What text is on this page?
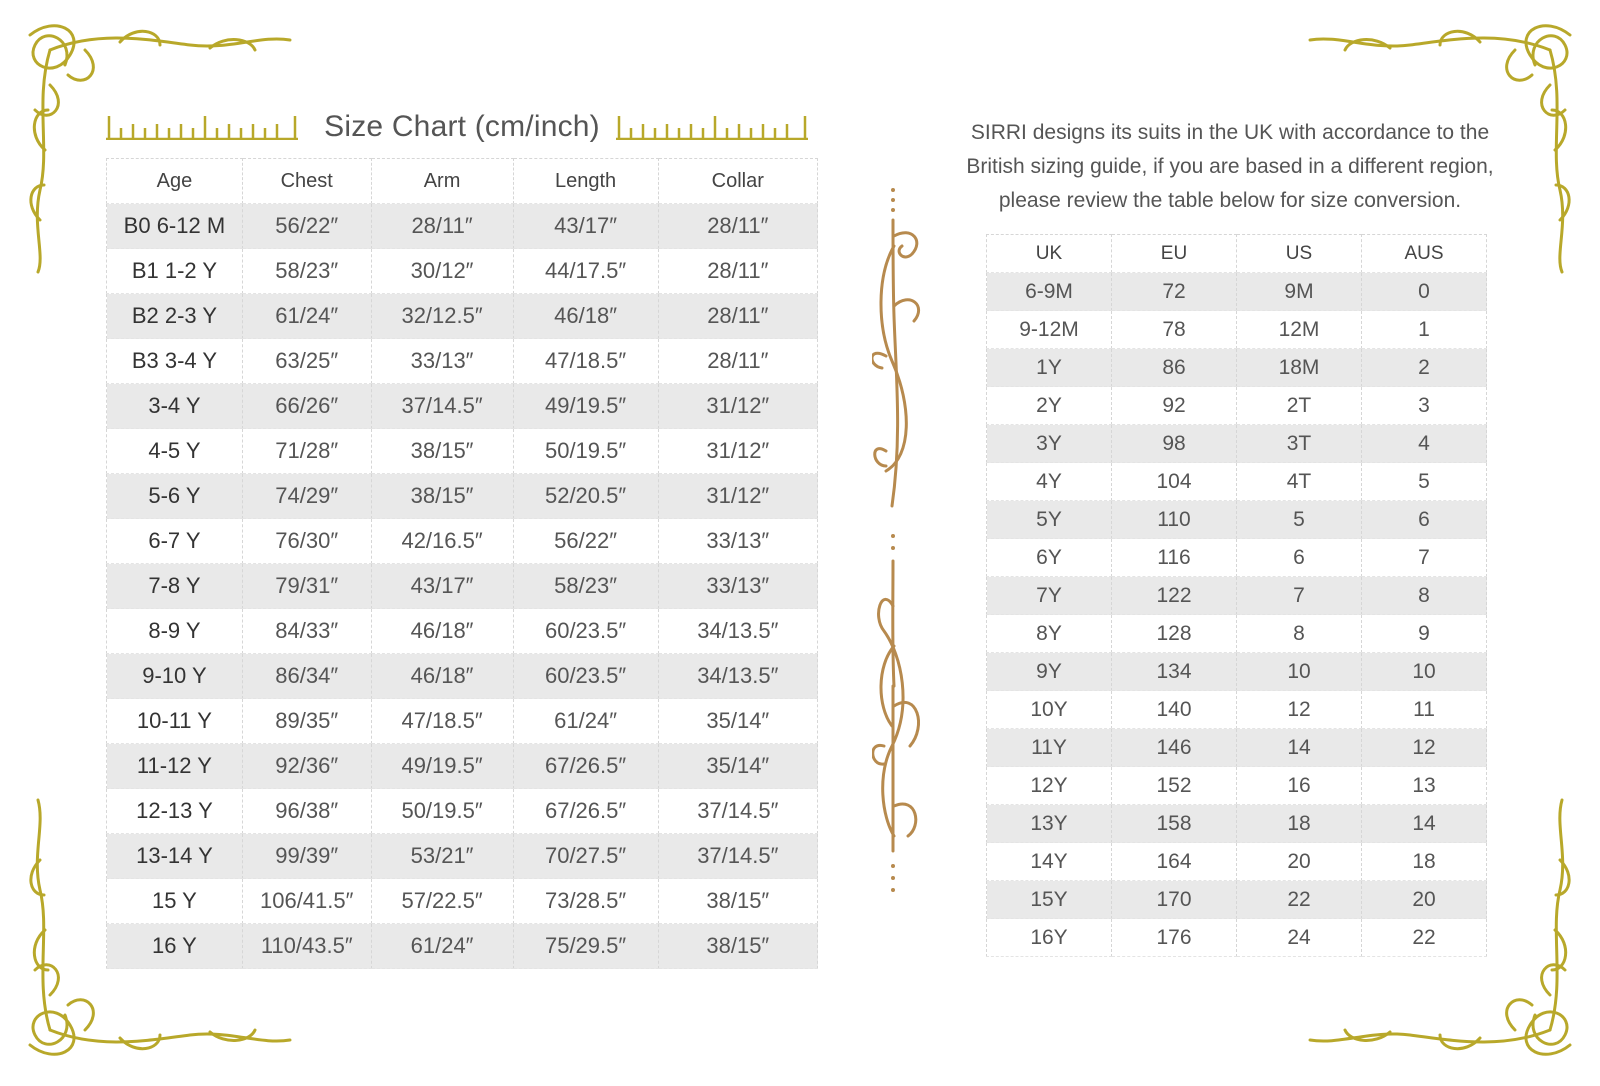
Size Chart (cm/inch)
Age	Chest	Arm	Length	Collar
B0 6-12 M	56/22″	28/11″	43/17″	28/11″
B1 1-2 Y	58/23″	30/12″	44/17.5″	28/11″
B2 2-3 Y	61/24″	32/12.5″	46/18″	28/11″
B3 3-4 Y	63/25″	33/13″	47/18.5″	28/11″
3-4 Y	66/26″	37/14.5″	49/19.5″	31/12″
4-5 Y	71/28″	38/15″	50/19.5″	31/12″
5-6 Y	74/29″	38/15″	52/20.5″	31/12″
6-7 Y	76/30″	42/16.5″	56/22″	33/13″
7-8 Y	79/31″	43/17″	58/23″	33/13″
8-9 Y	84/33″	46/18″	60/23.5″	34/13.5″
9-10 Y	86/34″	46/18″	60/23.5″	34/13.5″
10-11 Y	89/35″	47/18.5″	61/24″	35/14″
11-12 Y	92/36″	49/19.5″	67/26.5″	35/14″
12-13 Y	96/38″	50/19.5″	67/26.5″	37/14.5″
13-14 Y	99/39″	53/21″	70/27.5″	37/14.5″
15 Y	106/41.5″	57/22.5″	73/28.5″	38/15″
16 Y	110/43.5″	61/24″	75/29.5″	38/15″
SIRRI designs its suits in the UK with accordance to the
British sizing guide, if you are based in a different region,
please review the table below for size conversion.
UK	EU	US	AUS
6-9M	72	9M	0
9-12M	78	12M	1
1Y	86	18M	2
2Y	92	2T	3
3Y	98	3T	4
4Y	104	4T	5
5Y	110	5	6
6Y	116	6	7
7Y	122	7	8
8Y	128	8	9
9Y	134	10	10
10Y	140	12	11
11Y	146	14	12
12Y	152	16	13
13Y	158	18	14
14Y	164	20	18
15Y	170	22	20
16Y	176	24	22
